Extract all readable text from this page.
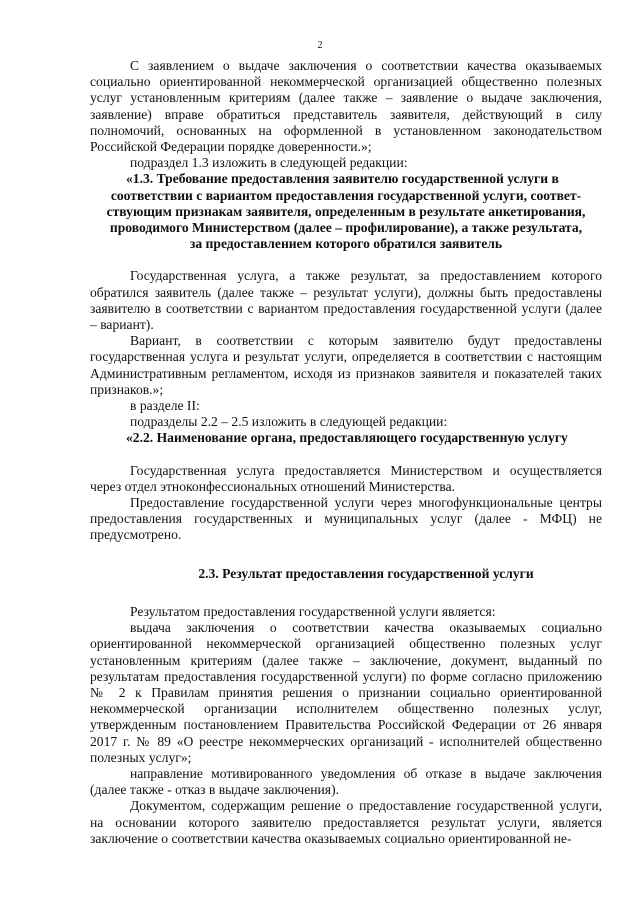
2

С заявлением о выдаче заключения о соответствии качества оказываемых социально ориентированной некоммерческой организацией общественно полезных услуг установленным критериям (далее также – заявление о выдаче заключения, заявление) вправе обратиться представитель заявителя, действующий в силу полномочий, основанных на оформленной в установленном законодательством Российской Федерации порядке доверенности.»;

подраздел 1.3 изложить в следующей редакции:

«1.3. Требование предоставления заявителю государственной услуги в
соответствии с вариантом предоставления государственной услуги, соответ-
ствующим признакам заявителя, определенным в результате анкетирования,
проводимого Министерством (далее – профилирование), а также результата,
за предоставлением которого обратился заявитель

Государственная услуга, а также результат, за предоставлением которого обратился заявитель (далее также – результат услуги), должны быть предоставлены заявителю в соответствии с вариантом предоставления государственной услуги (далее – вариант).

Вариант, в соответствии с которым заявителю будут предоставлены государственная услуга и результат услуги, определяется в соответствии с настоящим Административным регламентом, исходя из признаков заявителя и показателей таких признаков.»;

в разделе II:

подразделы 2.2 – 2.5 изложить в следующей редакции:

«2.2. Наименование органа, предоставляющего государственную услугу

Государственная услуга предоставляется Министерством и осуществляется через отдел этноконфессиональных отношений Министерства.

Предоставление государственной услуги через многофункциональные центры предоставления государственных и муниципальных услуг (далее - МФЦ) не предусмотрено.

2.3. Результат предоставления государственной услуги

Результатом предоставления государственной услуги является:

выдача заключения о соответствии качества оказываемых социально ориентированной некоммерческой организацией общественно полезных услуг установленным критериям (далее также – заключение, документ, выданный по результатам предоставления государственной услуги) по форме согласно приложению № 2 к Правилам принятия решения о признании социально ориентированной некоммерческой организации исполнителем общественно полезных услуг, утвержденным постановлением Правительства Российской Федерации от 26 января 2017 г. № 89 «О реестре некоммерческих организаций - исполнителей общественно полезных услуг»;

направление мотивированного уведомления об отказе в выдаче заключения (далее также - отказ в выдаче заключения).

Документом, содержащим решение о предоставление государственной услуги, на основании которого заявителю предоставляется результат услуги, является заключение о соответствии качества оказываемых социально ориентированной не-
